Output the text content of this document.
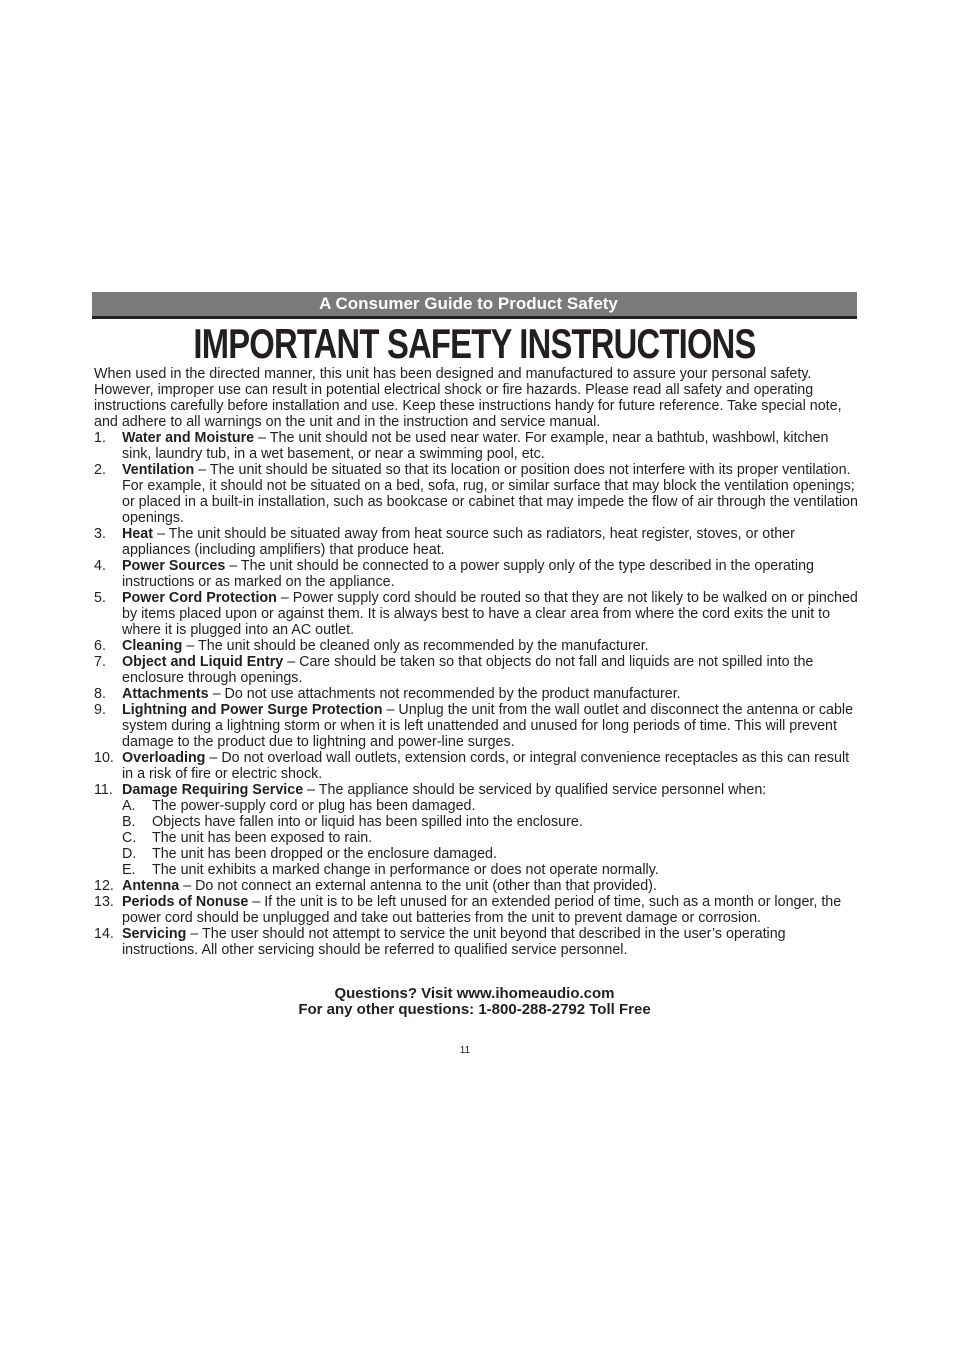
A Consumer Guide to Product Safety
IMPORTANT SAFETY INSTRUCTIONS

When used in the directed manner, this unit has been designed and manufactured to assure your personal safety. However, improper use can result in potential electrical shock or fire hazards. Please read all safety and operating instructions carefully before installation and use. Keep these instructions handy for future reference. Take special note, and adhere to all warnings on the unit and in the instruction and service manual.

1. Water and Moisture – The unit should not be used near water. For example, near a bathtub, washbowl, kitchen sink, laundry tub, in a wet basement, or near a swimming pool, etc.
2. Ventilation – The unit should be situated so that its location or position does not interfere with its proper ventilation. For example, it should not be situated on a bed, sofa, rug, or similar surface that may block the ventilation openings; or placed in a built-in installation, such as bookcase or cabinet that may impede the flow of air through the ventilation openings.
3. Heat – The unit should be situated away from heat source such as radiators, heat register, stoves, or other appliances (including amplifiers) that produce heat.
4. Power Sources – The unit should be connected to a power supply only of the type described in the operating instructions or as marked on the appliance.
5. Power Cord Protection – Power supply cord should be routed so that they are not likely to be walked on or pinched by items placed upon or against them. It is always best to have a clear area from where the cord exits the unit to where it is plugged into an AC outlet.
6. Cleaning – The unit should be cleaned only as recommended by the manufacturer.
7. Object and Liquid Entry – Care should be taken so that objects do not fall and liquids are not spilled into the enclosure through openings.
8. Attachments – Do not use attachments not recommended by the product manufacturer.
9. Lightning and Power Surge Protection – Unplug the unit from the wall outlet and disconnect the antenna or cable system during a lightning storm or when it is left unattended and unused for long periods of time. This will prevent damage to the product due to lightning and power-line surges.
10. Overloading – Do not overload wall outlets, extension cords, or integral convenience receptacles as this can result in a risk of fire or electric shock.
11. Damage Requiring Service – The appliance should be serviced by qualified service personnel when:
A. The power-supply cord or plug has been damaged.
B. Objects have fallen into or liquid has been spilled into the enclosure.
C. The unit has been exposed to rain.
D. The unit has been dropped or the enclosure damaged.
E. The unit exhibits a marked change in performance or does not operate normally.
12. Antenna – Do not connect an external antenna to the unit (other than that provided).
13. Periods of Nonuse – If the unit is to be left unused for an extended period of time, such as a month or longer, the power cord should be unplugged and take out batteries from the unit to prevent damage or corrosion.
14. Servicing – The user should not attempt to service the unit beyond that described in the user’s operating instructions. All other servicing should be referred to qualified service personnel.
Questions? Visit www.ihomeaudio.com
For any other questions: 1-800-288-2792 Toll Free
11
